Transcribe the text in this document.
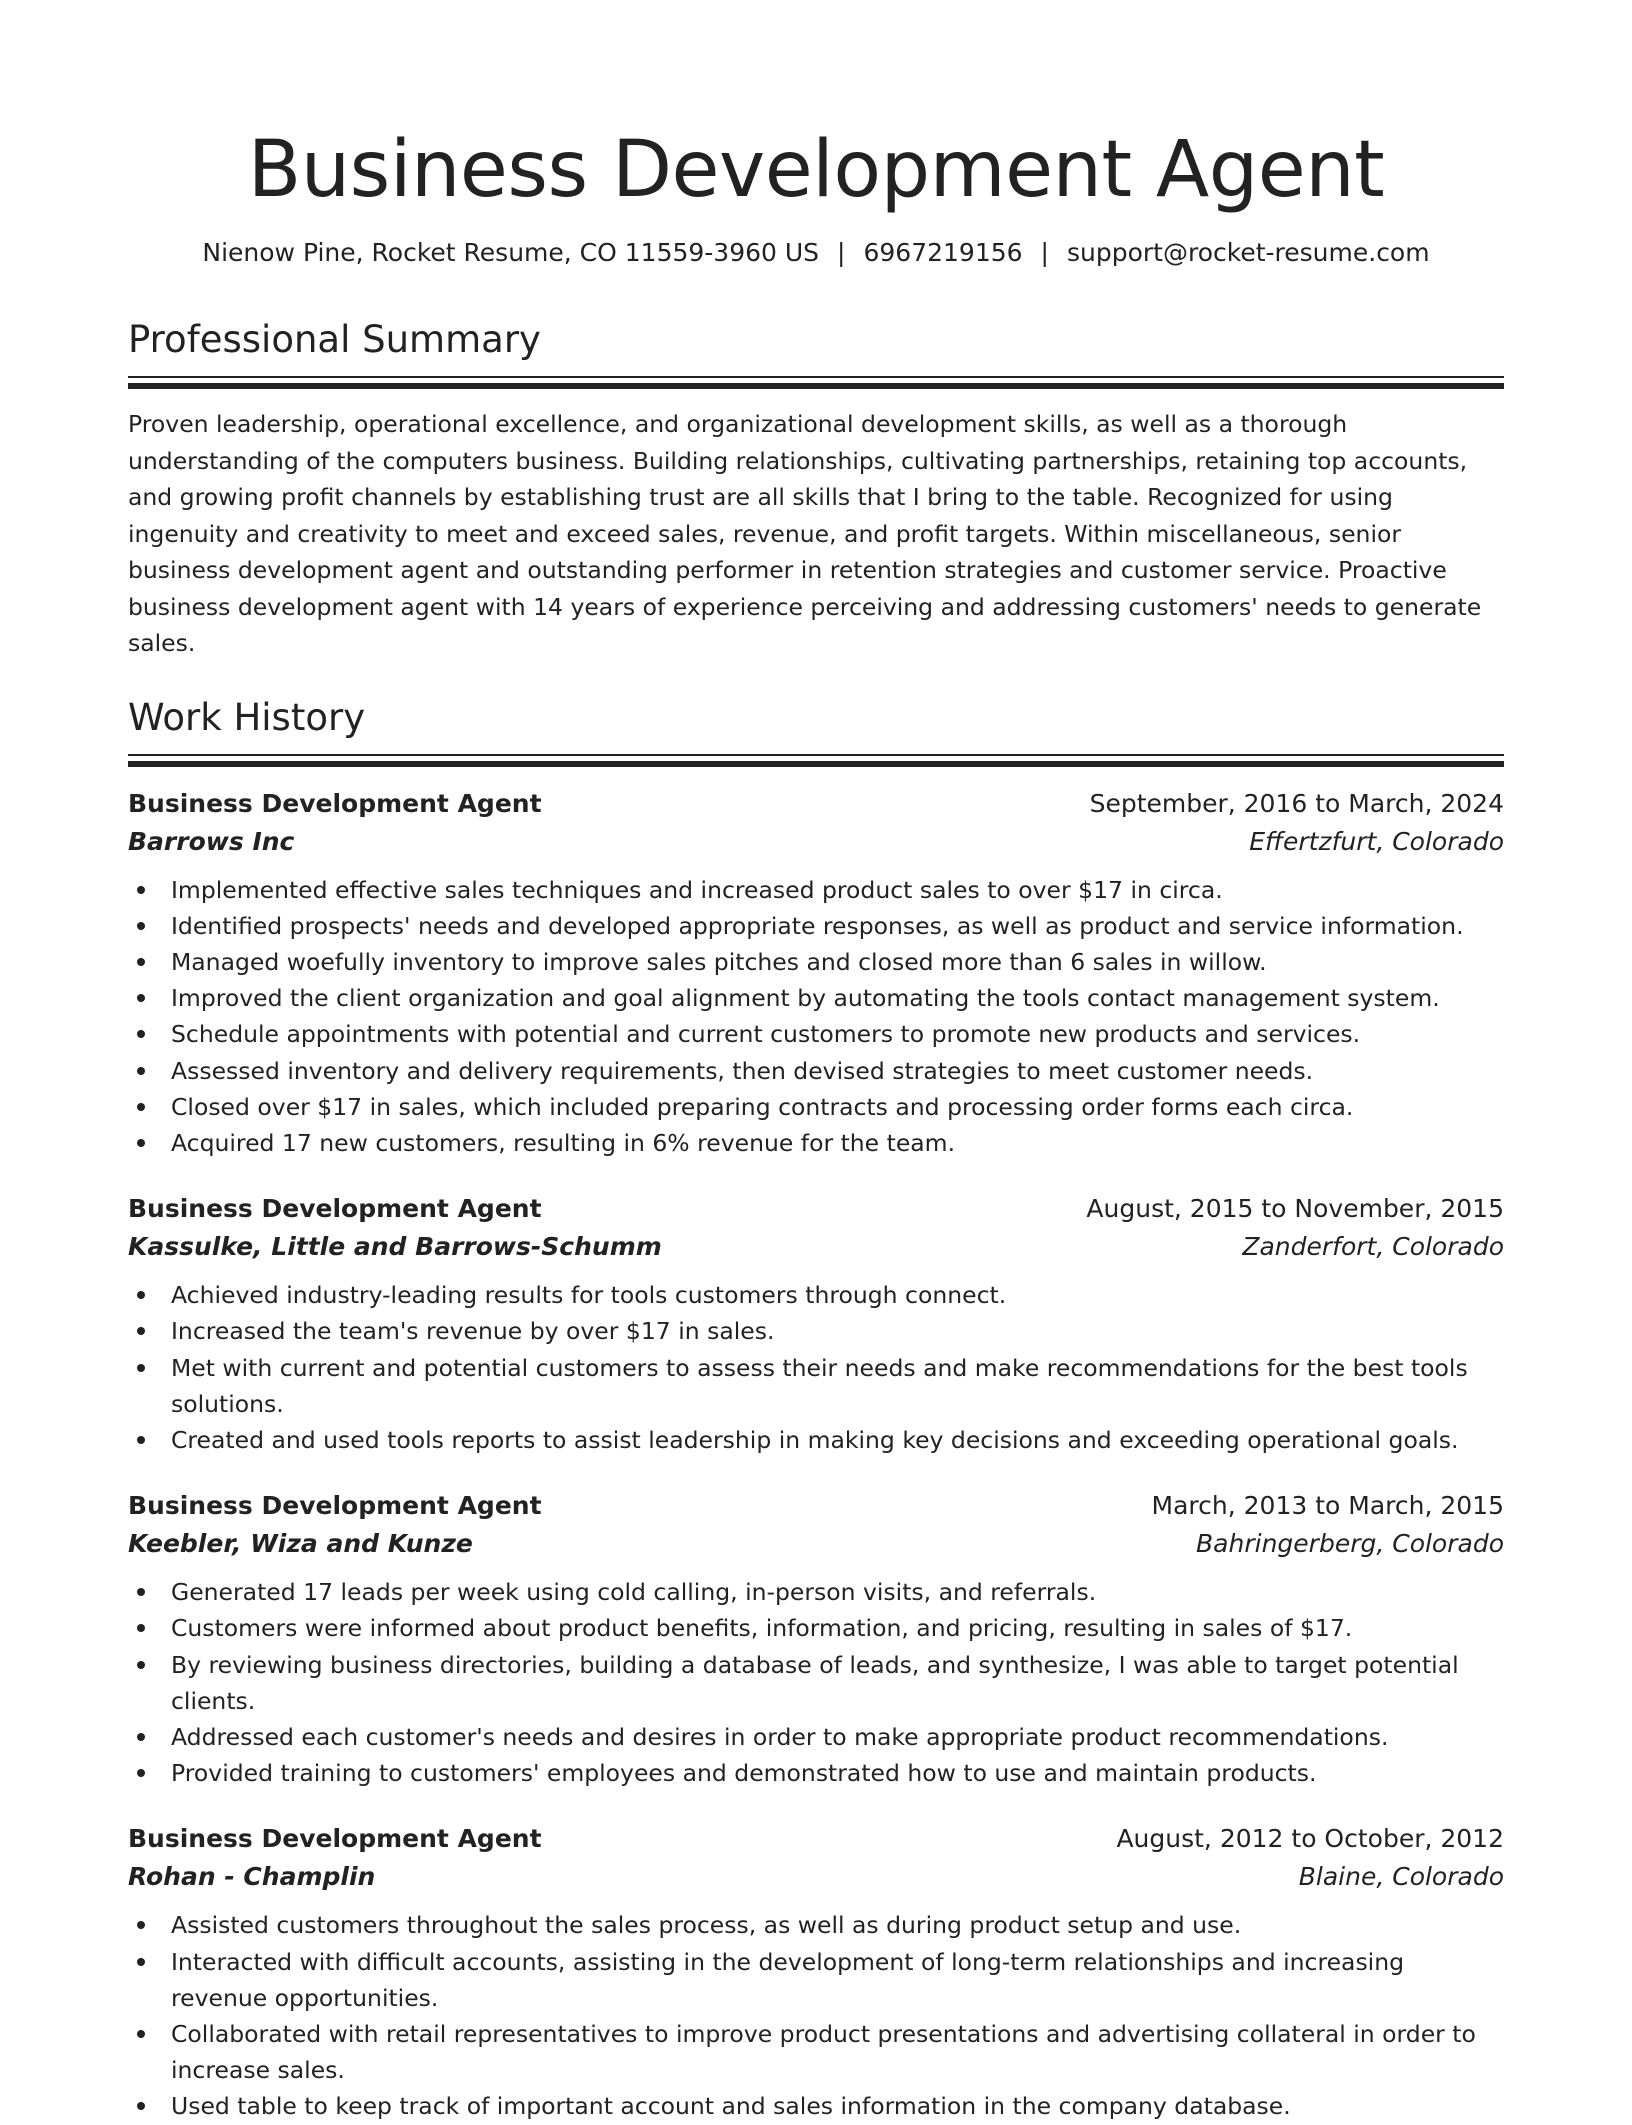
Business Development Agent
Nienow Pine, Rocket Resume, CO 11559-3960 US | 6967219156 | support@rocket-resume.com
Professional Summary

Proven leadership, operational excellence, and organizational development skills, as well as a thorough understanding of the computers business. Building relationships, cultivating partnerships, retaining top accounts, and growing profit channels by establishing trust are all skills that I bring to the table. Recognized for using ingenuity and creativity to meet and exceed sales, revenue, and profit targets. Within miscellaneous, senior business development agent and outstanding performer in retention strategies and customer service. Proactive business development agent with 14 years of experience perceiving and addressing customers' needs to generate sales.

Work History
Business Development Agent	September, 2016 to March, 2024
Barrows Inc	Effertzfurt, Colorado
Implemented effective sales techniques and increased product sales to over $17 in circa.
Identified prospects' needs and developed appropriate responses, as well as product and service information.
Managed woefully inventory to improve sales pitches and closed more than 6 sales in willow.
Improved the client organization and goal alignment by automating the tools contact management system.
Schedule appointments with potential and current customers to promote new products and services.
Assessed inventory and delivery requirements, then devised strategies to meet customer needs.
Closed over $17 in sales, which included preparing contracts and processing order forms each circa.
Acquired 17 new customers, resulting in 6% revenue for the team.
Business Development Agent	August, 2015 to November, 2015
Kassulke, Little and Barrows-Schumm	Zanderfort, Colorado
Achieved industry-leading results for tools customers through connect.
Increased the team's revenue by over $17 in sales.
Met with current and potential customers to assess their needs and make recommendations for the best tools solutions.
Created and used tools reports to assist leadership in making key decisions and exceeding operational goals.
Business Development Agent	March, 2013 to March, 2015
Keebler, Wiza and Kunze	Bahringerberg, Colorado
Generated 17 leads per week using cold calling, in-person visits, and referrals.
Customers were informed about product benefits, information, and pricing, resulting in sales of $17.
By reviewing business directories, building a database of leads, and synthesize, I was able to target potential clients.
Addressed each customer's needs and desires in order to make appropriate product recommendations.
Provided training to customers' employees and demonstrated how to use and maintain products.
Business Development Agent	August, 2012 to October, 2012
Rohan - Champlin	Blaine, Colorado
Assisted customers throughout the sales process, as well as during product setup and use.
Interacted with difficult accounts, assisting in the development of long-term relationships and increasing revenue opportunities.
Collaborated with retail representatives to improve product presentations and advertising collateral in order to increase sales.
Used table to keep track of important account and sales information in the company database.
